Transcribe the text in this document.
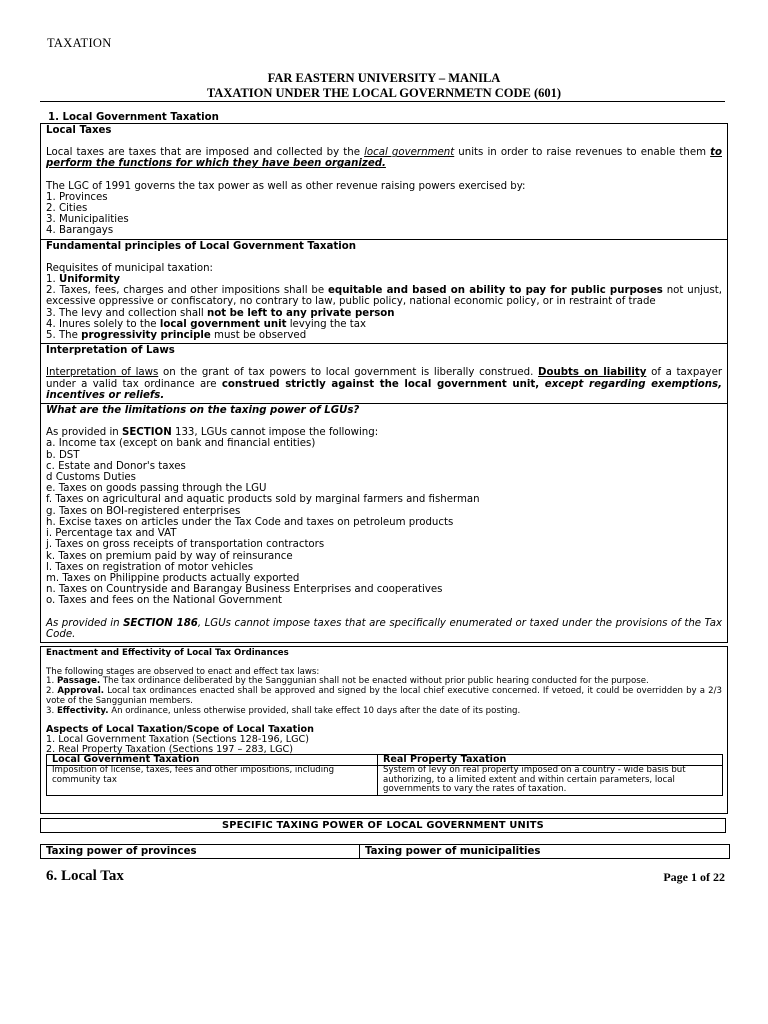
TAXATION
FAR EASTERN UNIVERSITY – MANILA
TAXATION UNDER THE LOCAL GOVERNMETN CODE (601)
1. Local Government Taxation
Local Taxes

Local taxes are taxes that are imposed and collected by the local government units in order to raise revenues to enable them to perform the functions for which they have been organized.

The LGC of 1991 governs the tax power as well as other revenue raising powers exercised by:

1. Provinces

2. Cities

3. Municipalities

4. Barangays

Fundamental principles of Local Government Taxation

Requisites of municipal taxation:

1. Uniformity

2. Taxes, fees, charges and other impositions shall be equitable and based on ability to pay for public purposes not unjust, excessive oppressive or confiscatory, no contrary to law, public policy, national economic policy, or in restraint of trade

3. The levy and collection shall not be left to any private person

4. Inures solely to the local government unit levying the tax

5. The progressivity principle must be observed

Interpretation of Laws

Interpretation of laws on the grant of tax powers to local government is liberally construed. Doubts on liability of a taxpayer under a valid tax ordinance are construed strictly against the local government unit, except regarding exemptions, incentives or reliefs.

What are the limitations on the taxing power of LGUs?

As provided in SECTION 133, LGUs cannot impose the following:

a. Income tax (except on bank and financial entities)

b. DST

c. Estate and Donor's taxes

d Customs Duties

e. Taxes on goods passing through the LGU

f. Taxes on agricultural and aquatic products sold by marginal farmers and fisherman

g. Taxes on BOI-registered enterprises

h. Excise taxes on articles under the Tax Code and taxes on petroleum products

i. Percentage tax and VAT

j. Taxes on gross receipts of transportation contractors

k. Taxes on premium paid by way of reinsurance

l. Taxes on registration of motor vehicles

m. Taxes on Philippine products actually exported

n. Taxes on Countryside and Barangay Business Enterprises and cooperatives

o. Taxes and fees on the National Government

As provided in SECTION 186, LGUs cannot impose taxes that are specifically enumerated or taxed under the provisions of the Tax Code.

Enactment and Effectivity of Local Tax Ordinances

The following stages are observed to enact and effect tax laws:

1. Passage. The tax ordinance deliberated by the Sanggunian shall not be enacted without prior public hearing conducted for the purpose.

2. Approval. Local tax ordinances enacted shall be approved and signed by the local chief executive concerned. If vetoed, it could be overridden by a 2/3 vote of the Sanggunian members.

3. Effectivity. An ordinance, unless otherwise provided, shall take effect 10 days after the date of its posting.

Aspects of Local Taxation/Scope of Local Taxation

1. Local Government Taxation (Sections 128-196, LGC)

2. Real Property Taxation (Sections 197 – 283, LGC)

Local Government Taxation	Real Property Taxation
Imposition of license, taxes, fees and other impositions, including community tax	System of levy on real property imposed on a country - wide basis but authorizing, to a limited extent and within certain parameters, local governments to vary the rates of taxation.
SPECIFIC TAXING POWER OF LOCAL GOVERNMENT UNITS
Taxing power of provinces	Taxing power of municipalities
6. Local Tax	Page 1 of 22
